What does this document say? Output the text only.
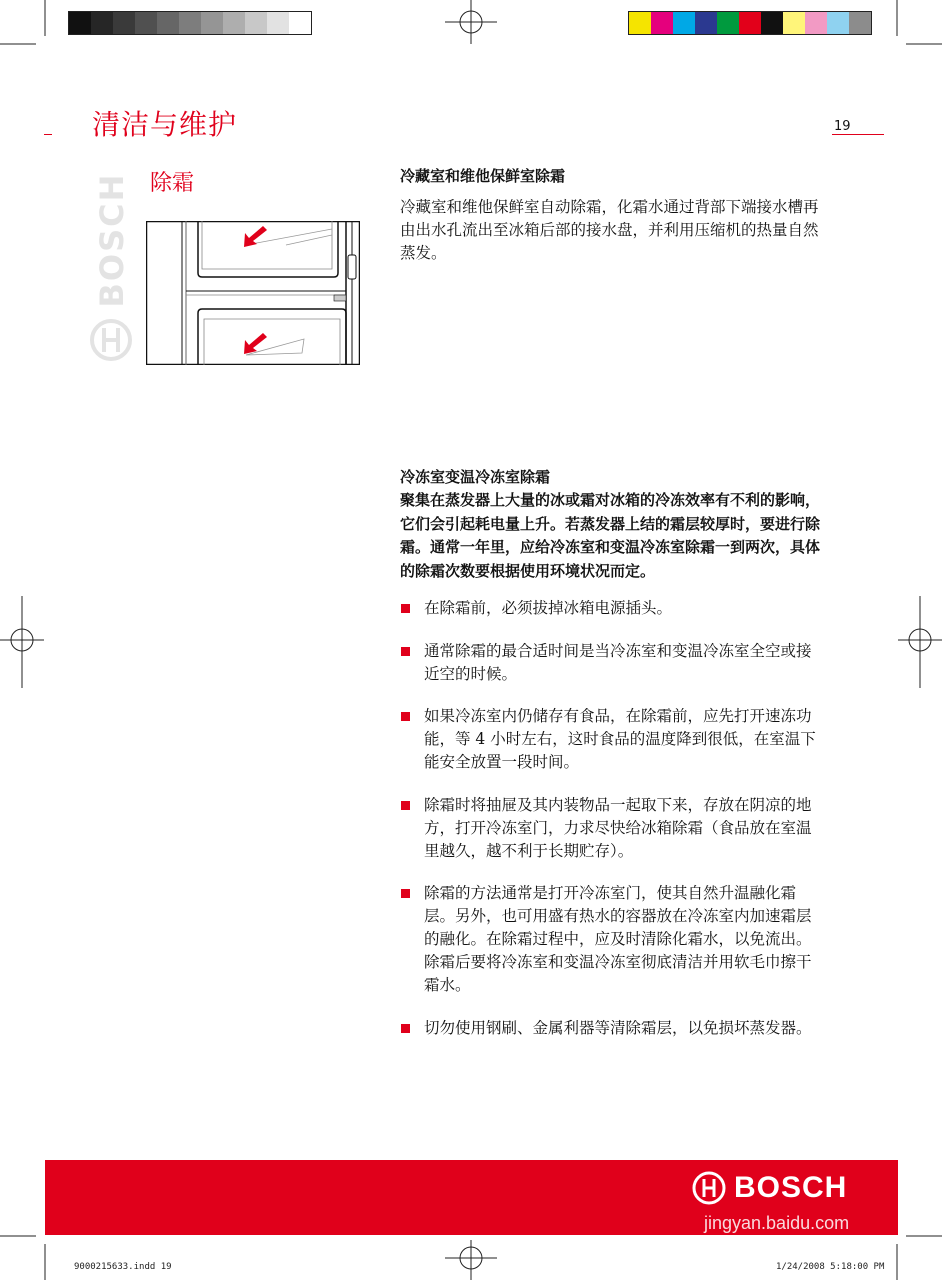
清洁与维护	19
BOSCH 除霜	冷藏室和维他保鲜室除霜
冷藏室和维他保鲜室自动除霜，化霜水通过背部下端接水槽再由出水孔流出至冰箱后部的接水盘，并利用压缩机的热量自然蒸发。
冷冻室变温冷冻室除霜
聚集在蒸发器上大量的冰或霜对冰箱的冷冻效率有不利的影响，它们会引起耗电量上升。若蒸发器上结的霜层较厚时，要进行除霜。通常一年里，应给冷冻室和变温冷冻室除霜一到两次，具体的除霜次数要根据使用环境状况而定。
在除霜前，必须拔掉冰箱电源插头。
通常除霜的最合适时间是当冷冻室和变温冷冻室全空或接近空的时候。
如果冷冻室内仍储存有食品，在除霜前，应先打开速冻功能，等 4 小时左右，这时食品的温度降到很低，在室温下能安全放置一段时间。
除霜时将抽屉及其内装物品一起取下来，存放在阴凉的地方，打开冷冻室门，力求尽快给冰箱除霜（食品放在室温里越久，越不利于长期贮存）。
除霜的方法通常是打开冷冻室门，使其自然升温融化霜层。另外，也可用盛有热水的容器放在冷冻室内加速霜层的融化。在除霜过程中，应及时清除化霜水，以免流出。除霜后要将冷冻室和变温冷冻室彻底清洁并用软毛巾擦干霜水。
切勿使用钢刷、金属利器等清除霜层，以免损坏蒸发器。
BOSCH
jingyan.baidu.com
9000215633.indd 19	1/24/2008 5:18:00 PM
